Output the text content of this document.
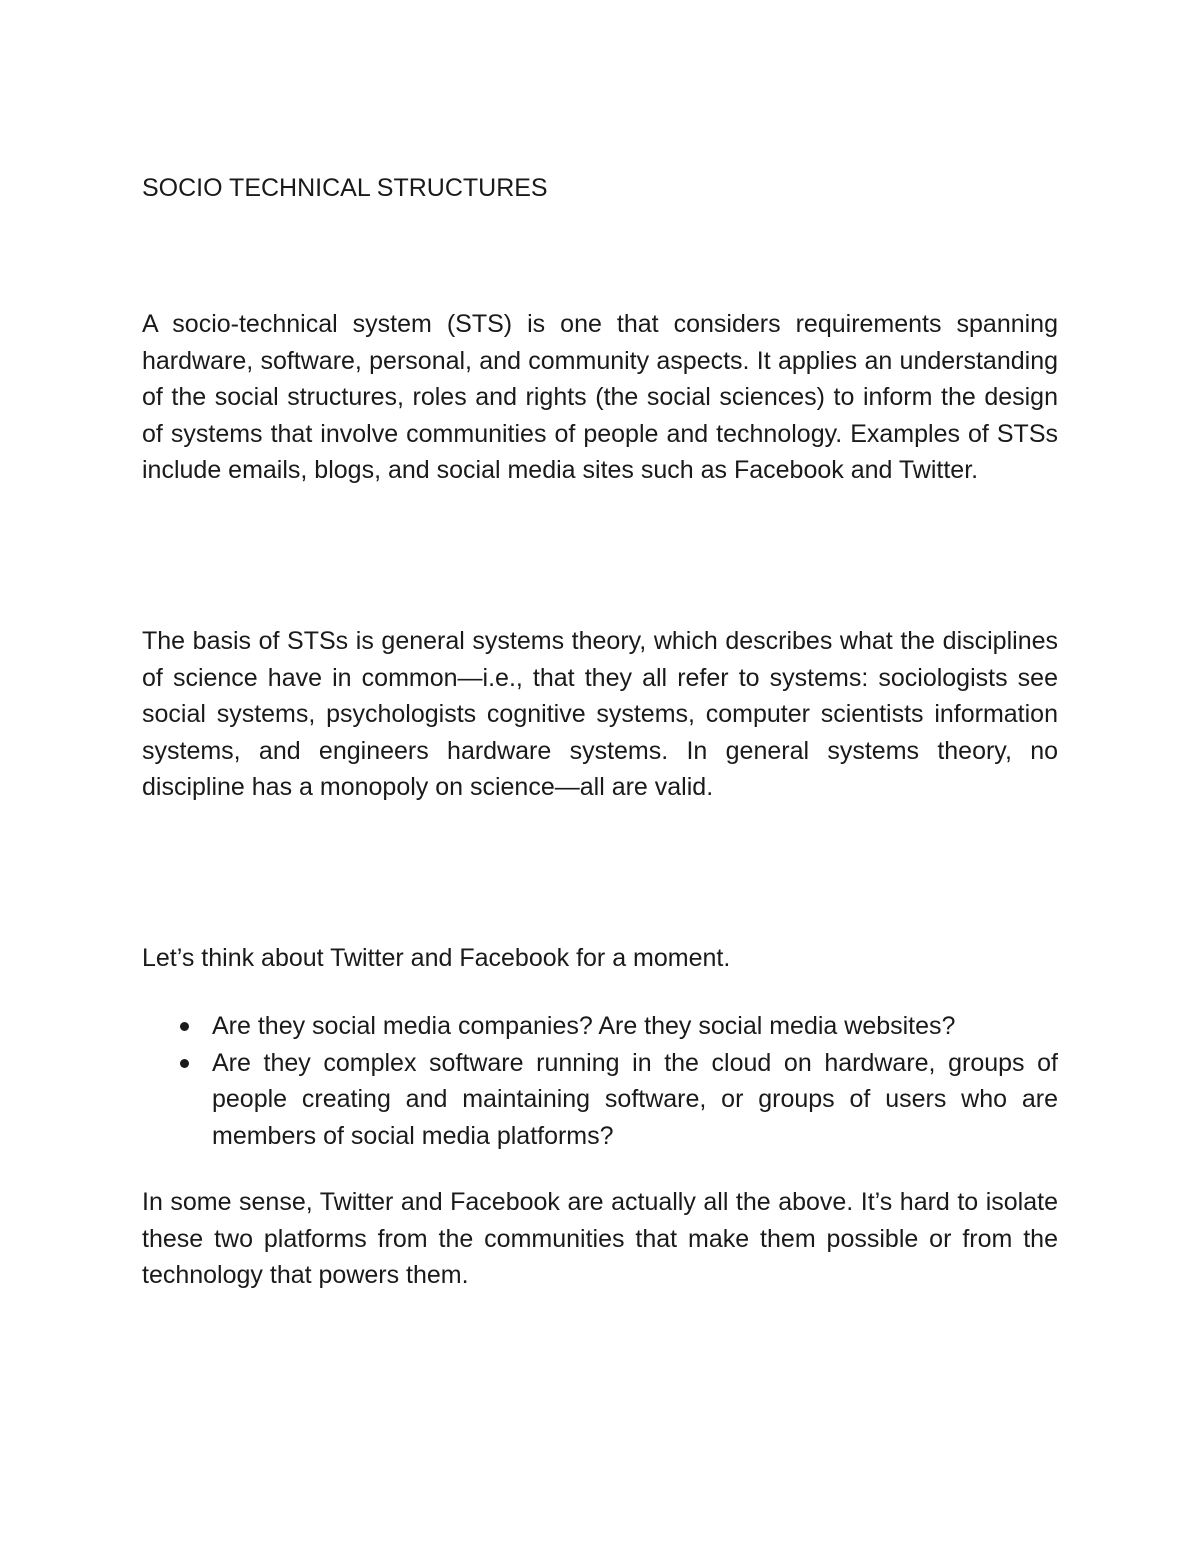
SOCIO TECHNICAL STRUCTURES

A socio-technical system (STS) is one that considers requirements spanning hardware, software, personal, and community aspects. It applies an understanding of the social structures, roles and rights (the social sciences) to inform the design of systems that involve communities of people and technology. Examples of STSs include emails, blogs, and social media sites such as Facebook and Twitter.

The basis of STSs is general systems theory, which describes what the disciplines of science have in common—i.e., that they all refer to systems: sociologists see social systems, psychologists cognitive systems, computer scientists information systems, and engineers hardware systems. In general systems theory, no discipline has a monopoly on science—all are valid.

Let’s think about Twitter and Facebook for a moment.

Are they social media companies? Are they social media websites?
Are they complex software running in the cloud on hardware, groups of people creating and maintaining software, or groups of users who are members of social media platforms?

In some sense, Twitter and Facebook are actually all the above. It’s hard to isolate these two platforms from the communities that make them possible or from the technology that powers them.
